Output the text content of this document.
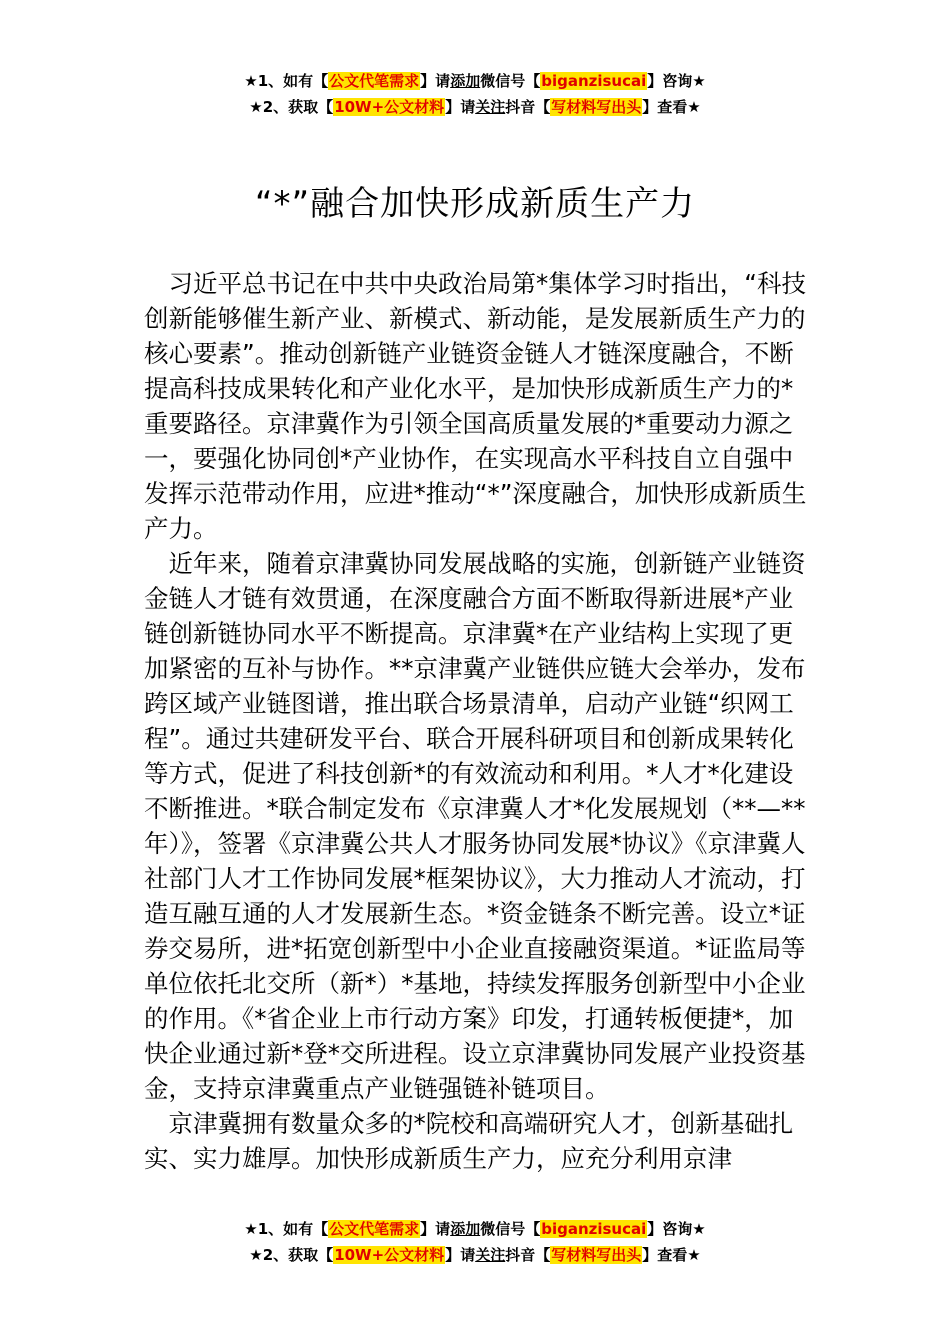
★1、如有【公文代笔需求】请添加微信号【biganzisucai】咨询★
★2、获取【10W+公文材料】请关注抖音【写材料写出头】查看★
“*”融合加快形成新质生产力

习近平总书记在中共中央政治局第*集体学习时指出，“科技创新能够催生新产业、新模式、新动能，是发展新质生产力的核心要素”。推动创新链产业链资金链人才链深度融合，不断提高科技成果转化和产业化水平，是加快形成新质生产力的*重要路径。京津冀作为引领全国高质量发展的*重要动力源之一，要强化协同创*产业协作，在实现高水平科技自立自强中发挥示范带动作用，应进*推动“*”深度融合，加快形成新质生产力。

近年来，随着京津冀协同发展战略的实施，创新链产业链资金链人才链有效贯通，在深度融合方面不断取得新进展*产业链创新链协同水平不断提高。京津冀*在产业结构上实现了更加紧密的互补与协作。**京津冀产业链供应链大会举办，发布跨区域产业链图谱，推出联合场景清单，启动产业链“织网工程”。通过共建研发平台、联合开展科研项目和创新成果转化等方式，促进了科技创新*的有效流动和利用。*人才*化建设不断推进。*联合制定发布《京津冀人才*化发展规划（**—**年）》，签署《京津冀公共人才服务协同发展*协议》《京津冀人社部门人才工作协同发展*框架协议》，大力推动人才流动，打造互融互通的人才发展新生态。*资金链条不断完善。设立*证券交易所，进*拓宽创新型中小企业直接融资渠道。*证监局等单位依托北交所（新*）*基地，持续发挥服务创新型中小企业的作用。《*省企业上市行动方案》印发，打通转板便捷*，加快企业通过新*登*交所进程。设立京津冀协同发展产业投资基金，支持京津冀重点产业链强链补链项目。

京津冀拥有数量众多的*院校和高端研究人才，创新基础扎实、实力雄厚。加快形成新质生产力，应充分利用京津

★1、如有【公文代笔需求】请添加微信号【biganzisucai】咨询★
★2、获取【10W+公文材料】请关注抖音【写材料写出头】查看★
